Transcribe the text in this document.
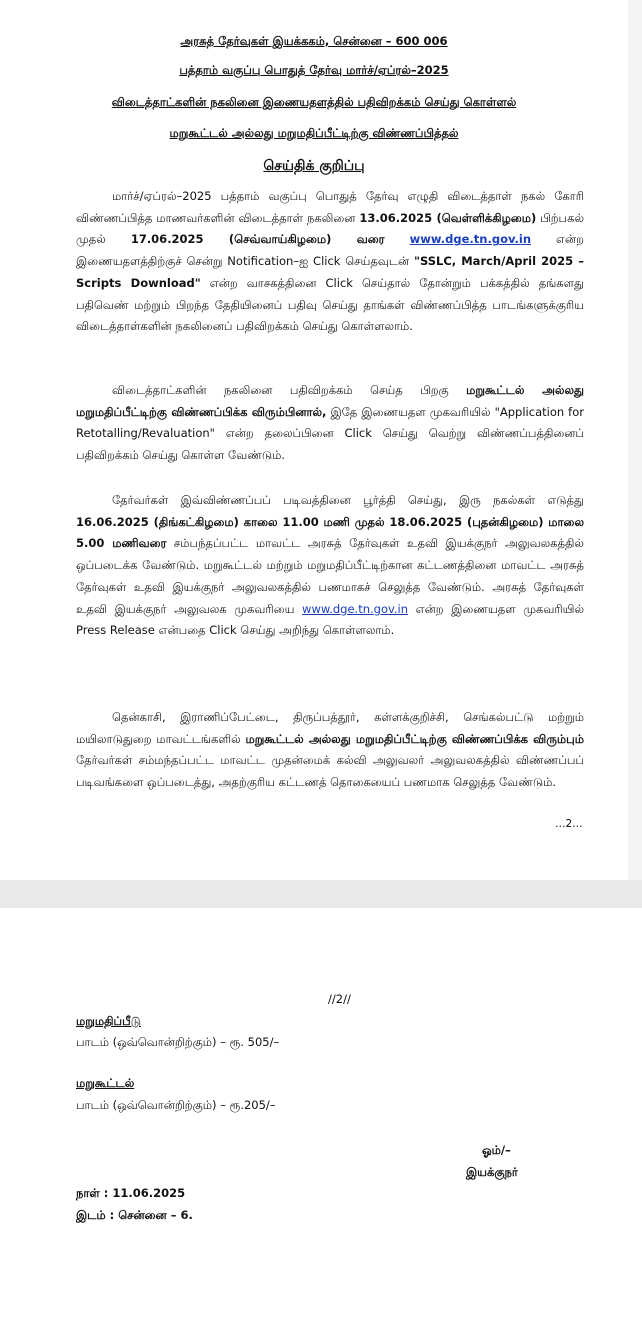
அரசுத் தேர்வுகள் இயக்ககம், சென்னை – 600 006
பத்தாம் வகுப்பு பொதுத் தேர்வு மார்ச்/ஏப்ரல்–2025
விடைத்தாட்களின் நகலினை இணையதளத்தில் பதிவிறக்கம் செய்து கொள்ளல்
மறுகூட்டல் அல்லது மறுமதிப்பீட்டிற்கு விண்ணப்பித்தல்
செய்திக் குறிப்பு
மார்ச்/ஏப்ரல்–2025 பத்தாம் வகுப்பு பொதுத் தேர்வு எழுதி விடைத்தாள் நகல் கோரி விண்ணப்பித்த மாணவர்களின் விடைத்தாள் நகலினை 13.06.2025 (வெள்ளிக்கிழமை) பிற்பகல் முதல் 17.06.2025 (செவ்வாய்கிழமை) வரை www.dge.tn.gov.in என்ற இணையதளத்திற்குச் சென்று Notification–ஐ Click செய்தவுடன் "SSLC, March/April 2025 – Scripts Download" என்ற வாசகத்தினை Click செய்தால் தோன்றும் பக்கத்தில் தங்களது பதிவெண் மற்றும் பிறந்த தேதியினைப் பதிவு செய்து தாங்கள் விண்ணப்பித்த பாடங்களுக்குரிய விடைத்தாள்களின் நகலினைப் பதிவிறக்கம் செய்து கொள்ளலாம்.
விடைத்தாட்களின் நகலினை பதிவிறக்கம் செய்த பிறகு மறுகூட்டல் அல்லது மறுமதிப்பீட்டிற்கு விண்ணப்பிக்க விரும்பினால், இதே இணையதள முகவரியில் "Application for Retotalling/Revaluation" என்ற தலைப்பினை Click செய்து வெற்று விண்ணப்பத்தினைப் பதிவிறக்கம் செய்து கொள்ள வேண்டும்.
தேர்வர்கள் இவ்விண்ணப்பப் படிவத்தினை பூர்த்தி செய்து, இரு நகல்கள் எடுத்து 16.06.2025 (திங்கட்கிழமை) காலை 11.00 மணி முதல் 18.06.2025 (புதன்கிழமை) மாலை 5.00 மணிவரை சம்பந்தப்பட்ட மாவட்ட அரசுத் தேர்வுகள் உதவி இயக்குநர் அலுவலகத்தில் ஒப்படைக்க வேண்டும். மறுகூட்டல் மற்றும் மறுமதிப்பீட்டிற்கான கட்டணத்தினை மாவட்ட அரசுத் தேர்வுகள் உதவி இயக்குநர் அலுவலகத்தில் பணமாகச் செலுத்த வேண்டும். அரசுத் தேர்வுகள் உதவி இயக்குநர் அலுவலக முகவரியை www.dge.tn.gov.in என்ற இணையதள முகவரியில் Press Release என்பதை Click செய்து அறிந்து கொள்ளலாம்.
தென்காசி, இராணிப்பேட்டை, திருப்பத்தூர், கள்ளக்குறிச்சி, செங்கல்பட்டு மற்றும் மயிலாடுதுறை மாவட்டங்களில் மறுகூட்டல் அல்லது மறுமதிப்பீட்டிற்கு விண்ணப்பிக்க விரும்பும் தேர்வர்கள் சம்மந்தப்பட்ட மாவட்ட முதன்மைக் கல்வி அலுவலர் அலுவலகத்தில் விண்ணப்பப் படிவங்களை ஒப்படைத்து, அதற்குரிய கட்டணத் தொகையைப் பணமாக செலுத்த வேண்டும்.
…2…
//2//
மறுமதிப்பீடு
பாடம் (ஒவ்வொன்றிற்கும்) – ரூ. 505/–
மறுகூட்டல்
பாடம் (ஒவ்வொன்றிற்கும்) – ரூ.205/–
ஓம்/–
இயக்குநர்
நாள் : 11.06.2025
இடம் : சென்னை – 6.
